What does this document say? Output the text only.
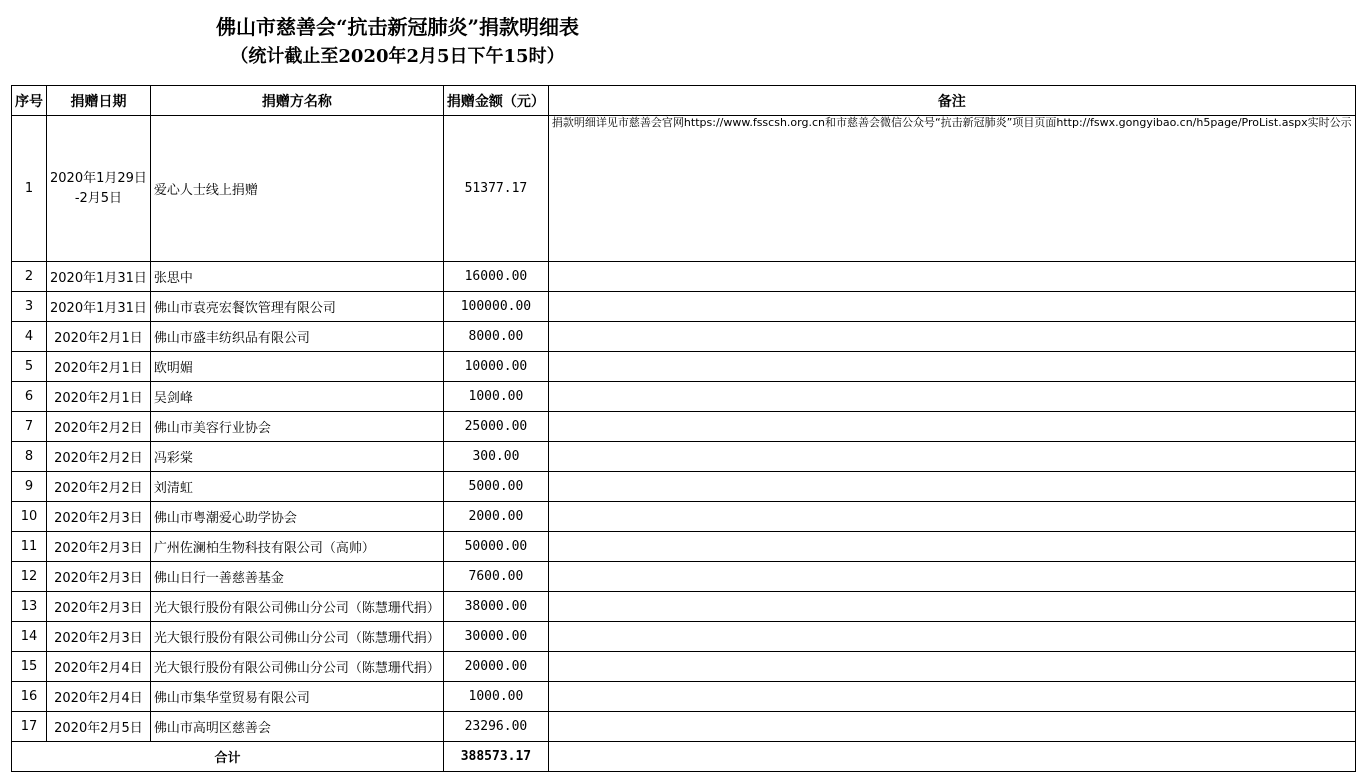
佛山市慈善会“抗击新冠肺炎”捐款明细表
（统计截止至2020年2月5日下午15时）
序号	捐赠日期	捐赠方名称	捐赠金额（元）	备注
1	2020年1月29日
-2月5日	爱心人士线上捐赠	51377.17	捐款明细详见市慈善会官网https://www.fsscsh.org.cn和市慈善会微信公众号“抗击新冠肺炎”项目页面http://fswx.gongyibao.cn/h5page/ProList.aspx实时公示
2	2020年1月31日	张思中	16000.00	
3	2020年1月31日	佛山市袁亮宏餐饮管理有限公司	100000.00	
4	2020年2月1日	佛山市盛丰纺织品有限公司	8000.00	
5	2020年2月1日	欧明媚	10000.00	
6	2020年2月1日	吴剑峰	1000.00	
7	2020年2月2日	佛山市美容行业协会	25000.00	
8	2020年2月2日	冯彩棠	300.00	
9	2020年2月2日	刘清虹	5000.00	
10	2020年2月3日	佛山市粤潮爱心助学协会	2000.00	
11	2020年2月3日	广州佐澜柏生物科技有限公司（高帅）	50000.00	
12	2020年2月3日	佛山日行一善慈善基金	7600.00	
13	2020年2月3日	光大银行股份有限公司佛山分公司（陈慧珊代捐）	38000.00	
14	2020年2月3日	光大银行股份有限公司佛山分公司（陈慧珊代捐）	30000.00	
15	2020年2月4日	光大银行股份有限公司佛山分公司（陈慧珊代捐）	20000.00	
16	2020年2月4日	佛山市集华堂贸易有限公司	1000.00	
17	2020年2月5日	佛山市高明区慈善会	23296.00	
合计			388573.17	
